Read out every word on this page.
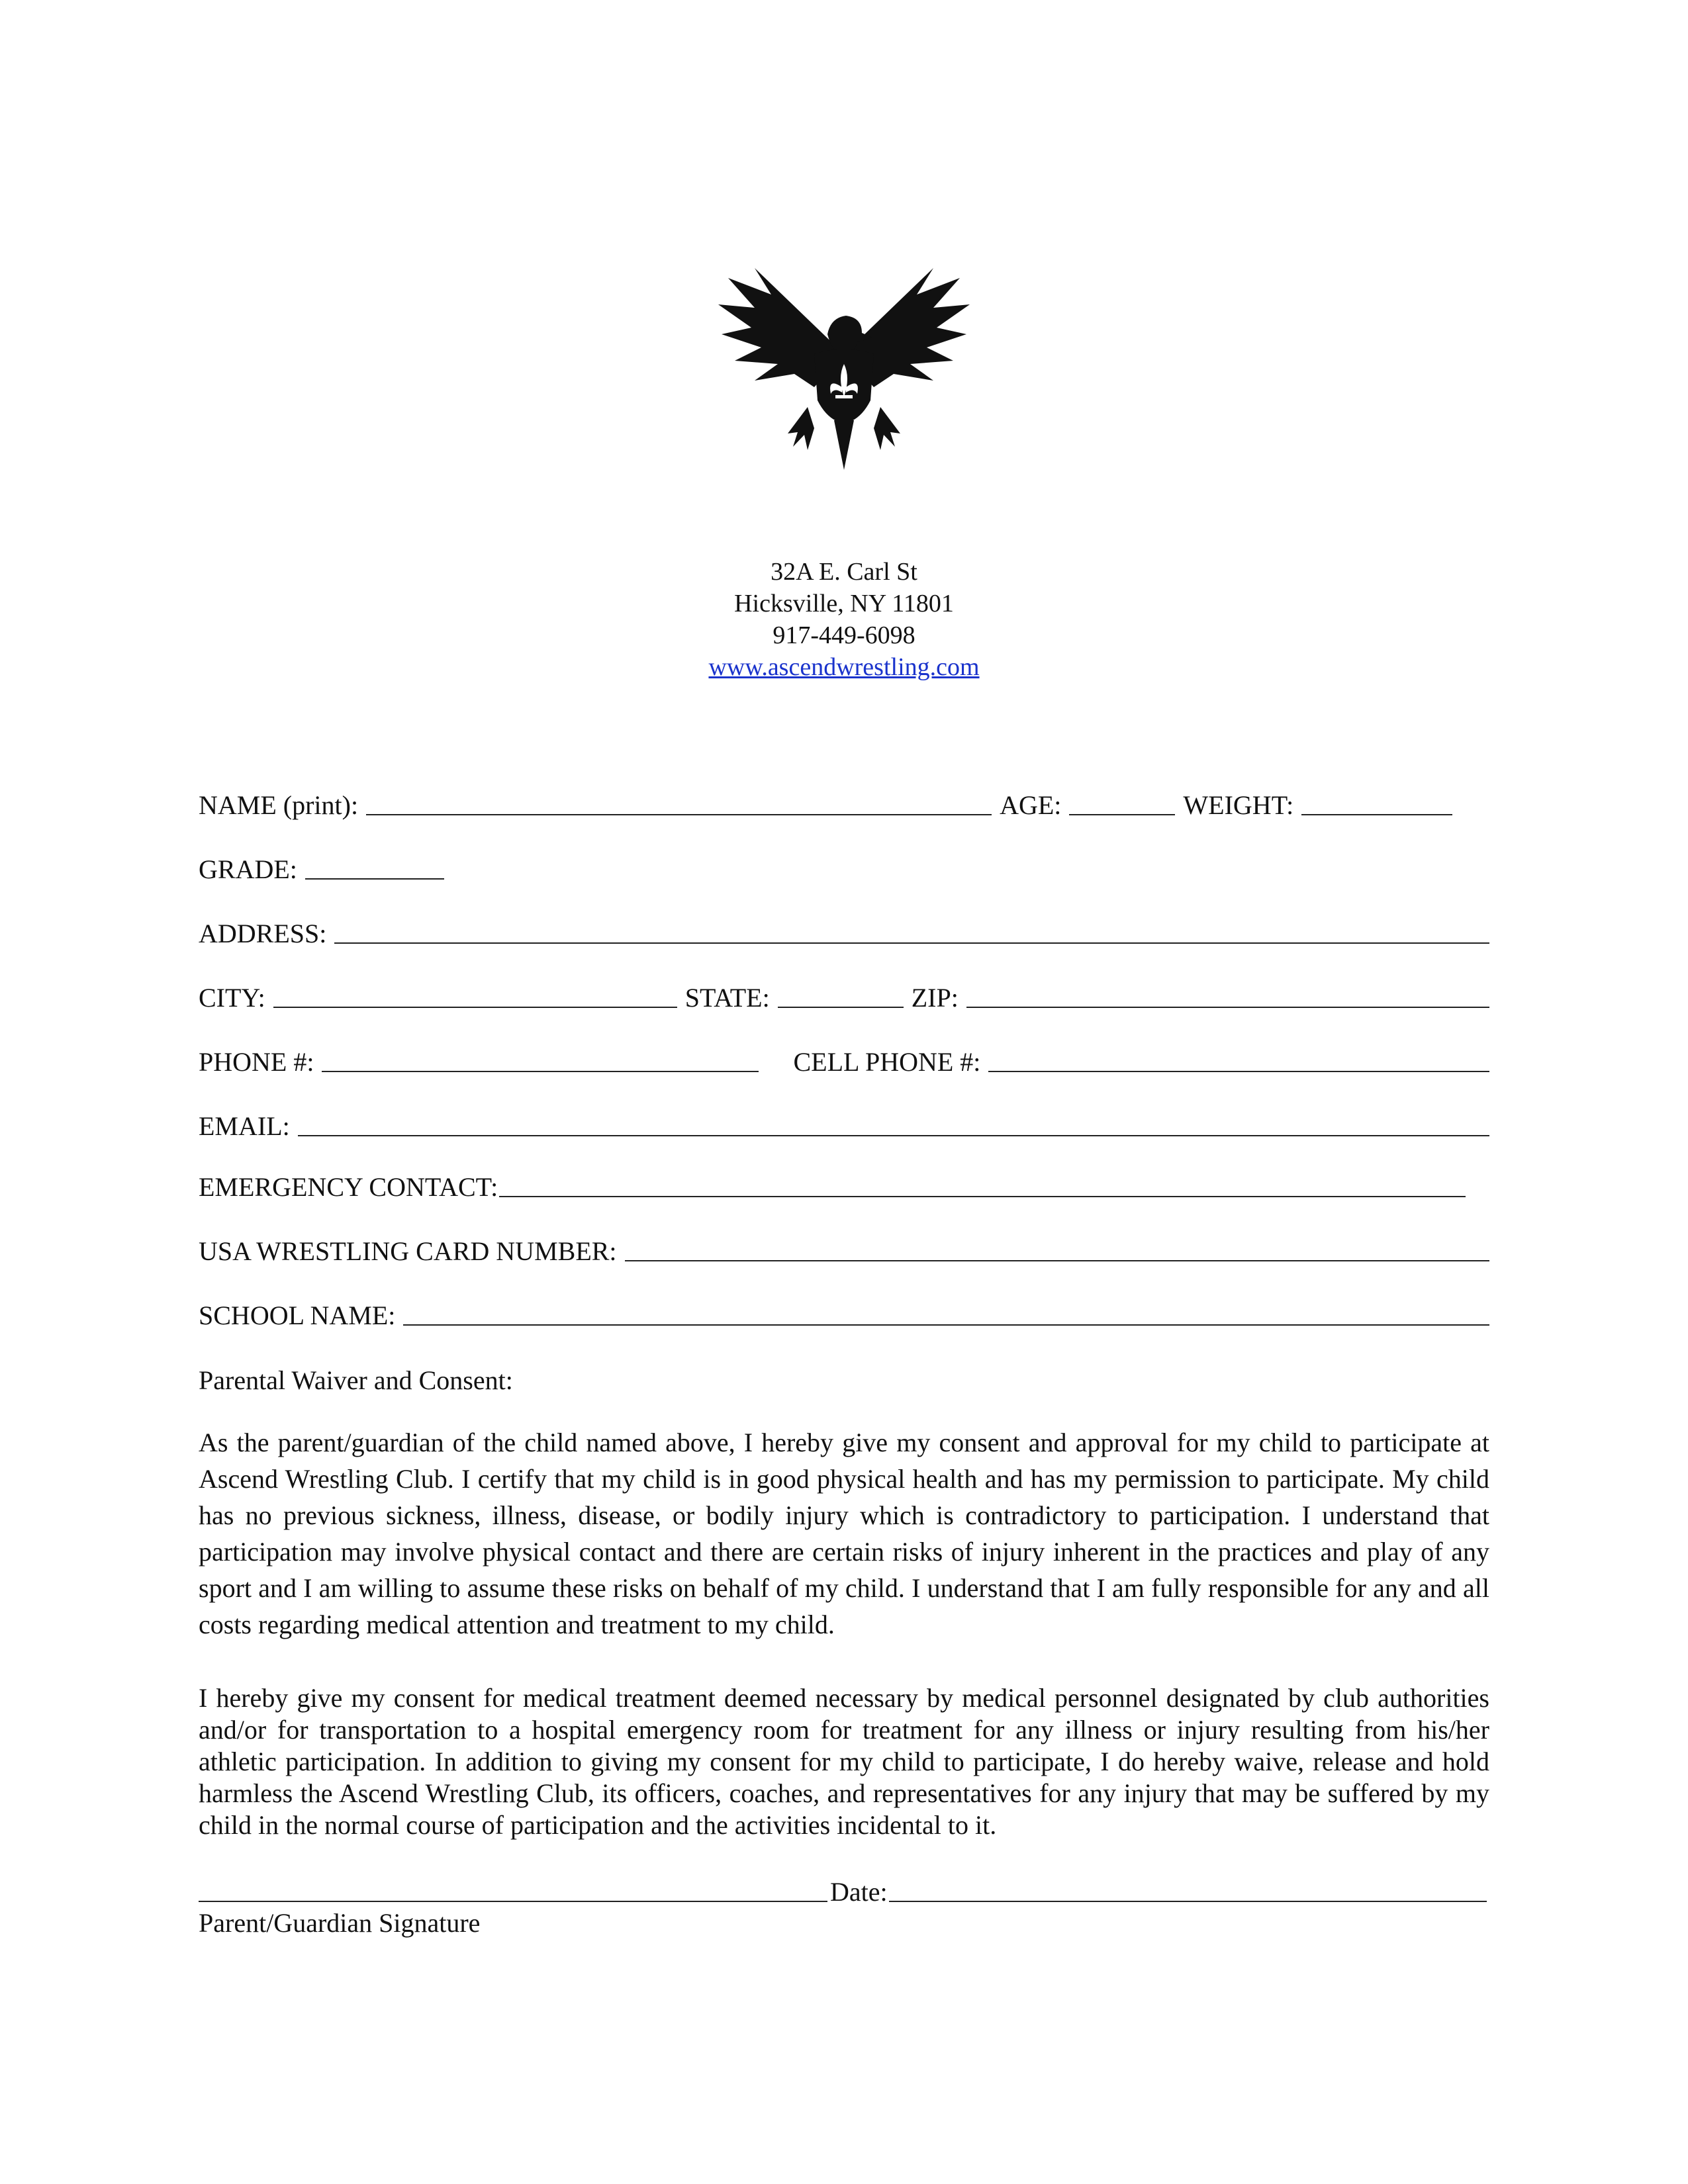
32A E. Carl St
Hicksville, NY 11801
917-449-6098
www.ascendwrestling.com
NAME (print):	AGE:	WEIGHT:
GRADE:
ADDRESS:
CITY:	STATE:	ZIP:
PHONE #:	CELL PHONE #:
EMAIL:
EMERGENCY CONTACT:
USA WRESTLING CARD NUMBER:
SCHOOL NAME:
Parental Waiver and Consent:
As the parent/guardian of the child named above, I hereby give my consent and approval for my child to participate at Ascend Wrestling Club. I certify that my child is in good physical health and has my permission to participate. My child has no previous sickness, illness, disease, or bodily injury which is contradictory to participation. I understand that participation may involve physical contact and there are certain risks of injury inherent in the practices and play of any sport and I am willing to assume these risks on behalf of my child. I understand that I am fully responsible for any and all costs regarding medical attention and treatment to my child.
I hereby give my consent for medical treatment deemed necessary by medical personnel designated by club authorities and/or for transportation to a hospital emergency room for treatment for any illness or injury resulting from his/her athletic participation. In addition to giving my consent for my child to participate, I do hereby waive, release and hold harmless the Ascend Wrestling Club, its officers, coaches, and representatives for any injury that may be suffered by my child in the normal course of participation and the activities incidental to it.
Date:
Parent/Guardian Signature
